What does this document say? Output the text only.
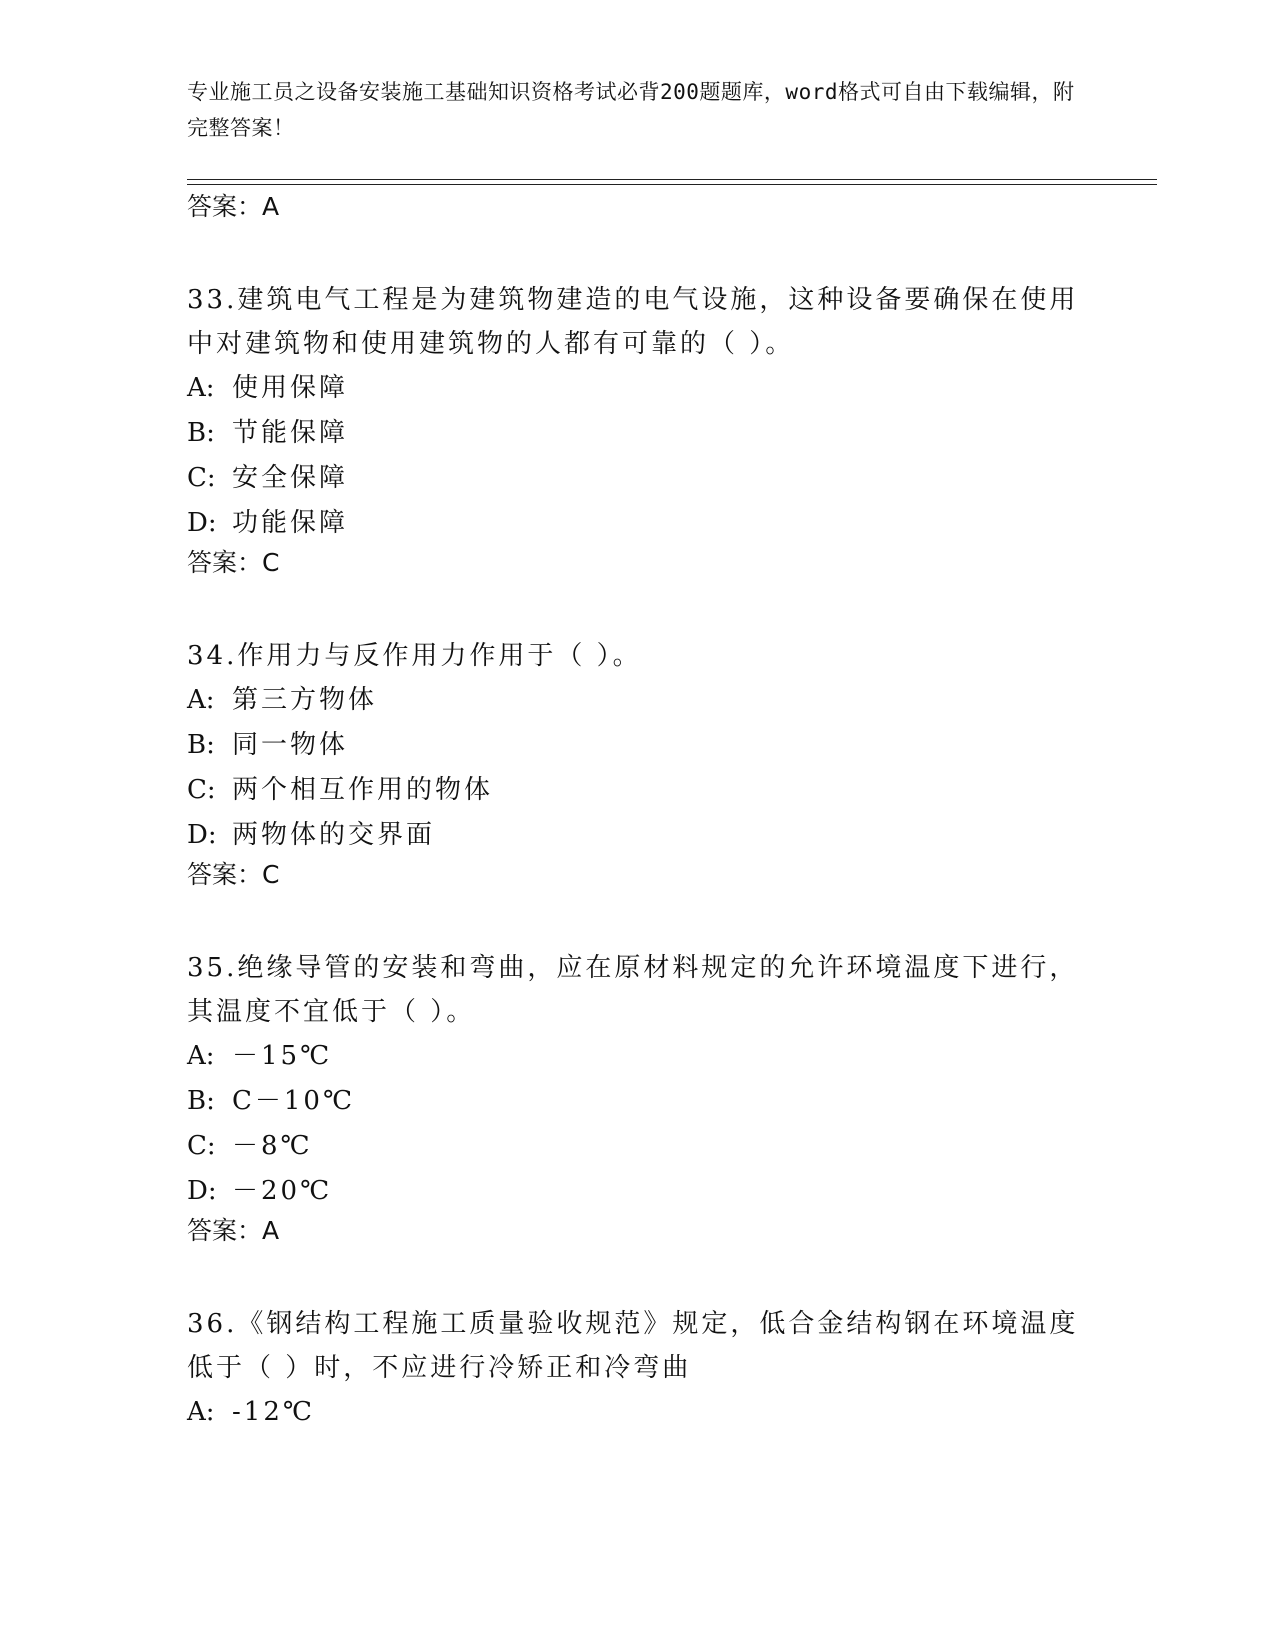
专业施工员之设备安装施工基础知识资格考试必背200题题库，word格式可自由下载编辑，附完整答案！

答案：A

33.建筑电气工程是为建筑物建造的电气设施，这种设备要确保在使用中对建筑物和使用建筑物的人都有可靠的（ ）。

A: 使用保障

B: 节能保障

C: 安全保障

D: 功能保障

答案：C

34.作用力与反作用力作用于（ ）。

A: 第三方物体

B: 同一物体

C: 两个相互作用的物体

D: 两物体的交界面

答案：C

35.绝缘导管的安装和弯曲，应在原材料规定的允许环境温度下进行，其温度不宜低于（ ）。

A: －15℃

B: C－10℃

C: －8℃

D: －20℃

答案：A

36.《钢结构工程施工质量验收规范》规定，低合金结构钢在环境温度低于（ ）时，不应进行冷矫正和冷弯曲

A: -12℃
